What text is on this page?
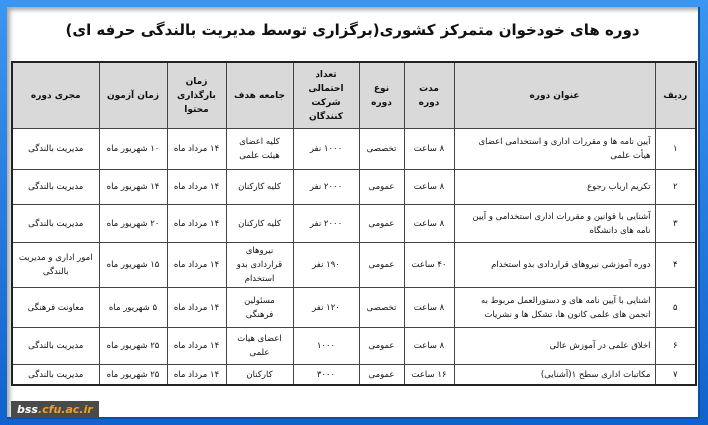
دوره های خودخوان متمرکز کشوری(برگزاری توسط مدیریت بالندگی حرفه ای)
ردیف	عنوان دوره	مدت دوره	نوع دوره	تعداد احتمالی شرکت کنندگان	جامعه هدف	زمان بارگذاری محتوا	زمان آزمون	مجری دوره
۱	آیین نامه ها و مقررات اداری و استخدامی اعضای هیأت علمی	۸ ساعت	تخصصی	۱۰۰۰ نفر	کلیه اعضای هیئت علمی	۱۴ مرداد ماه	۱۰ شهریور ماه	مدیریت بالندگی
۲	تکریم ارباب رجوع	۸ ساعت	عمومی	۲۰۰۰ نفر	کلیه کارکنان	۱۴ مرداد ماه	۱۴ شهریور ماه	مدیریت بالندگی
۳	آشنایی با قوانین و مقررات اداری استخدامی و آیین نامه های دانشگاه	۸ ساعت	عمومی	۲۰۰۰ نفر	کلیه کارکنان	۱۴ مرداد ماه	۲۰ شهریور ماه	مدیریت بالندگی
۴	دوره آموزشی نیروهای قراردادی بدو استخدام	۴۰ ساعت	عمومی	۱۹۰ نفر	نیروهای قراردادی بدو استخدام	۱۴ مرداد ماه	۱۵ شهریور ماه	امور اداری و مدیریت بالندگی
۵	اشنایی با آیین نامه های و دستورالعمل مربوط به انجمن های علمی کانون ها، تشکل ها و نشریات	۸ ساعت	تخصصی	۱۲۰ نفر	مسئولین فرهنگی	۱۴ مرداد ماه	۵ شهریور ماه	معاونت فرهنگی
۶	اخلاق علمی در آموزش عالی	۸ ساعت	عمومی	۱۰۰۰	اعضای هیات علمی	۱۴ مرداد ماه	۲۵ شهریور ماه	مدیریت بالندگی
۷	مکاتبات اداری سطح ۱(آشنایی)	۱۶ ساعت	عمومی	۳۰۰۰	کارکنان	۱۴ مرداد ماه	۲۵ شهریور ماه	مدیریت بالندگی
bss.cfu.ac.ir
